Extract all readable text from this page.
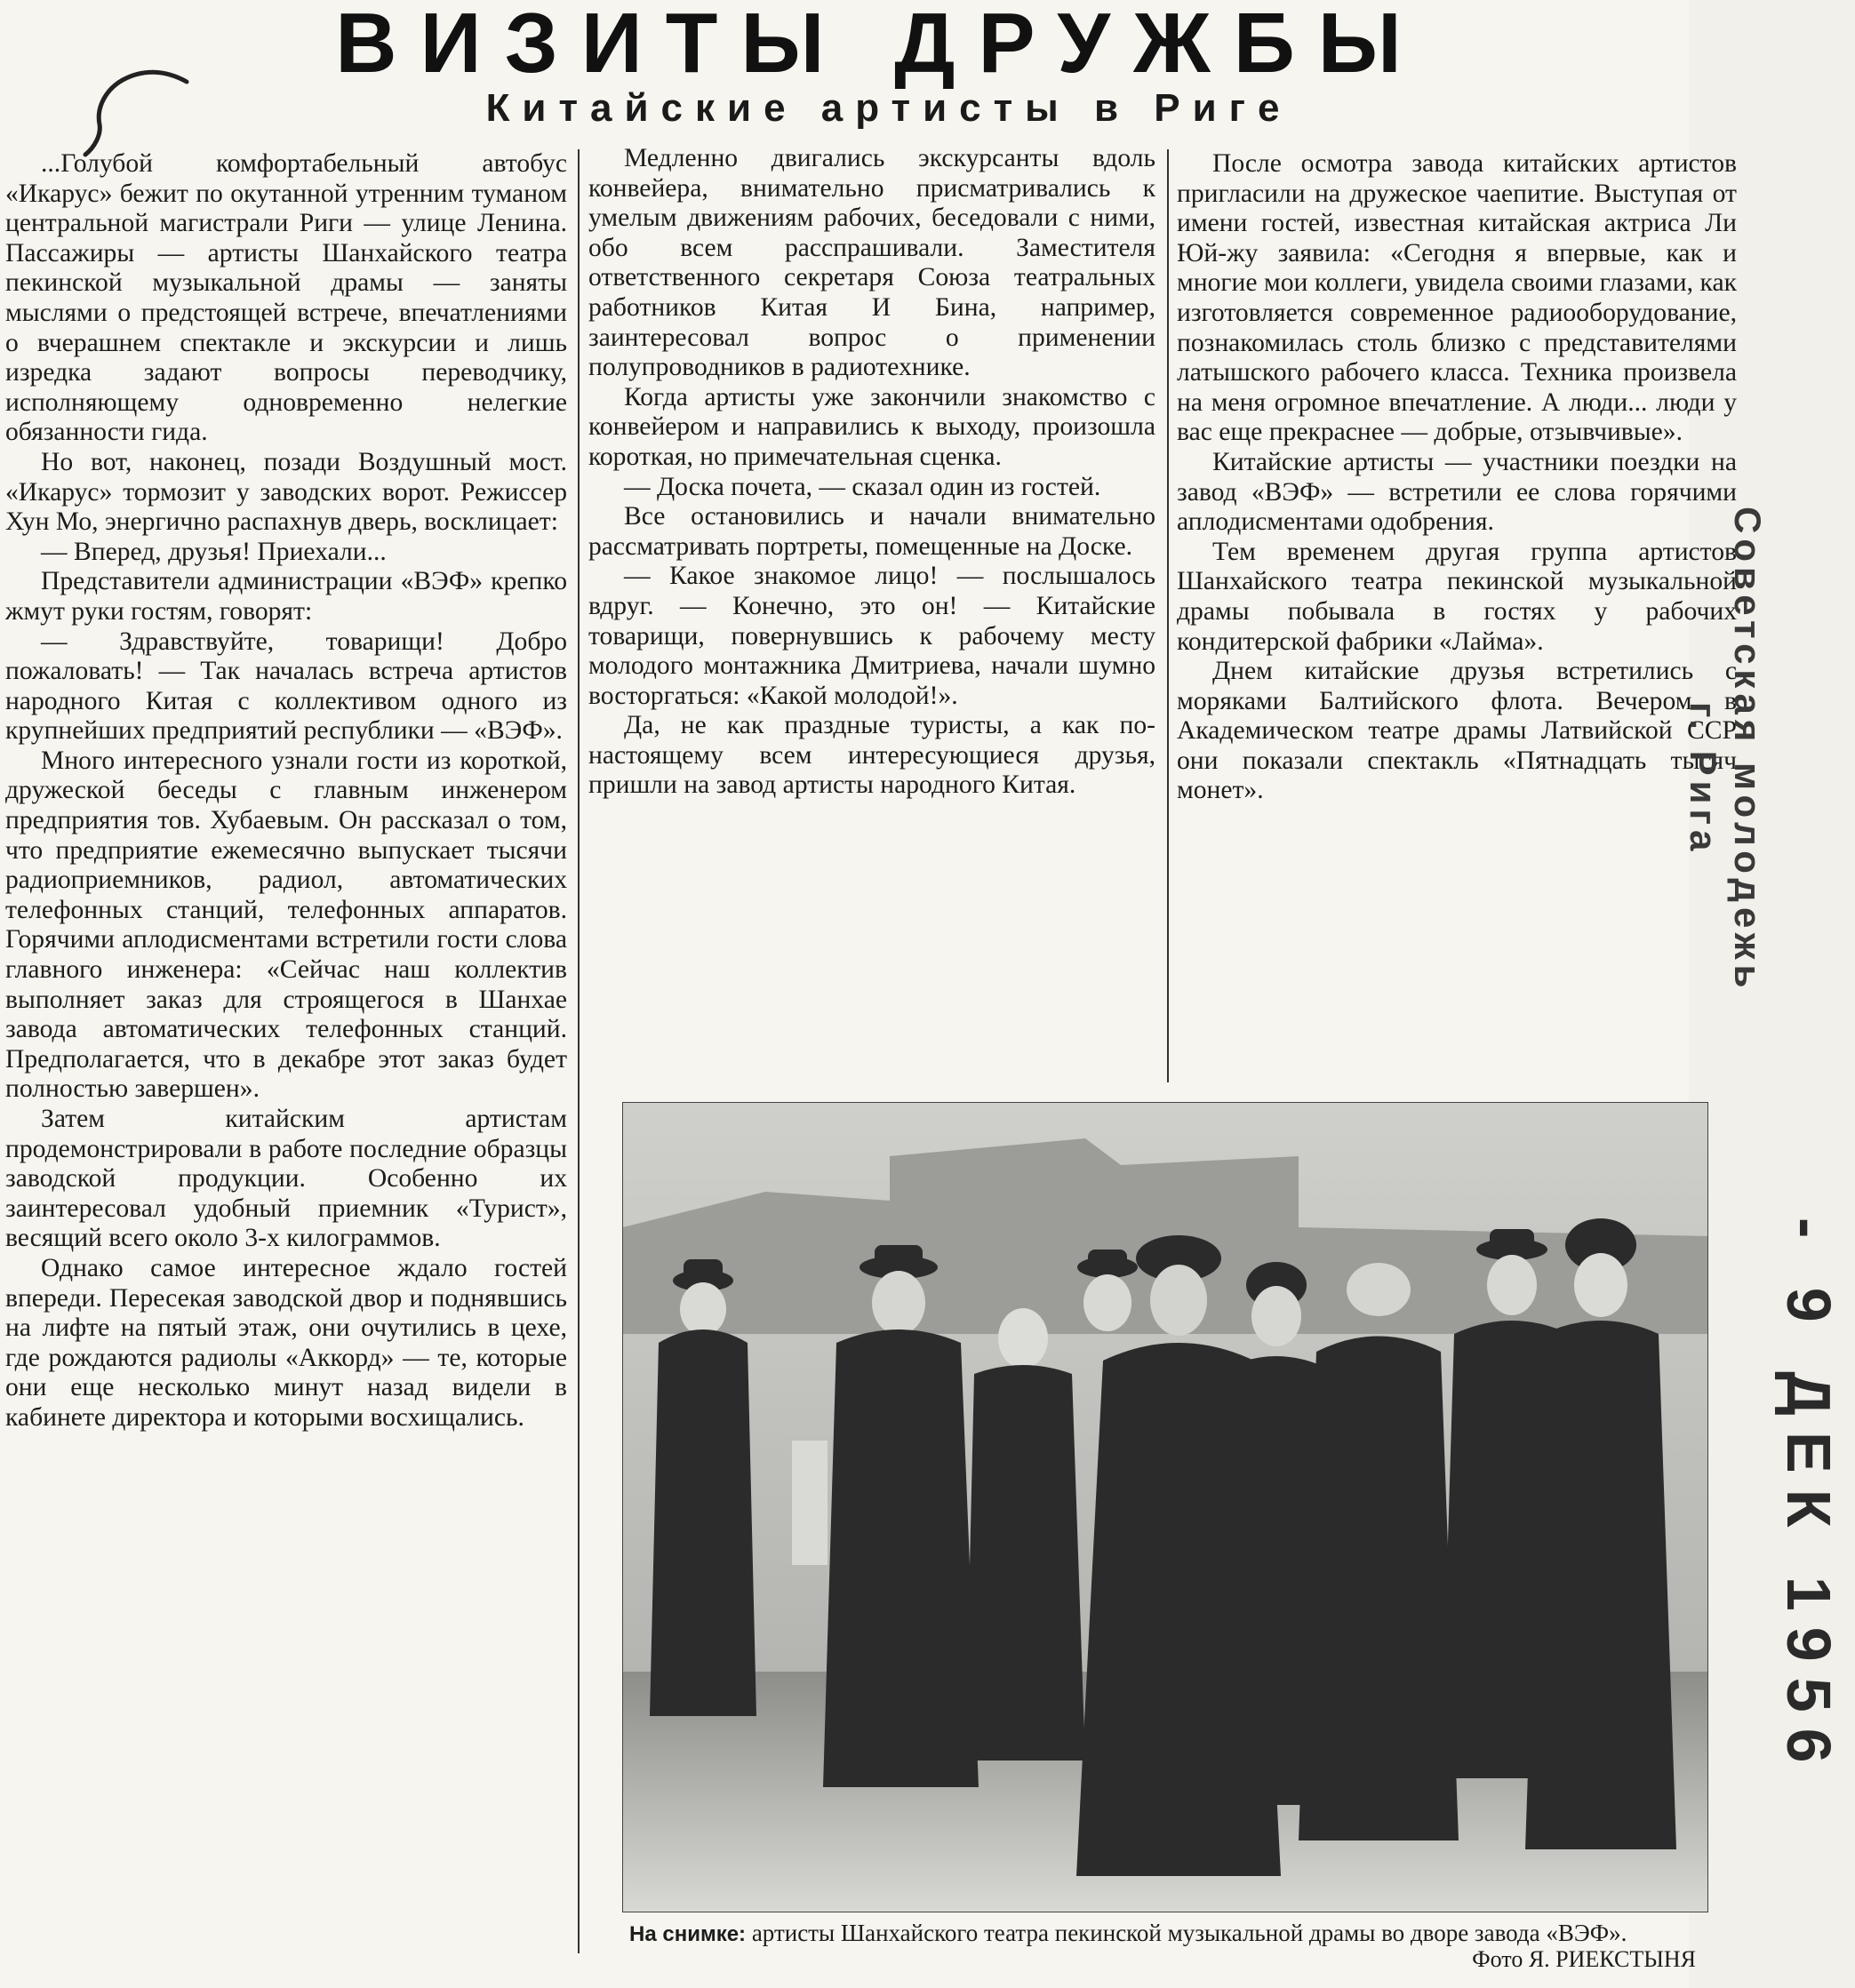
ВИЗИТЫ ДРУЖБЫ
Китайские артисты в Риге

...Голубой комфортабельный автобус «Икарус» бежит по окутанной утренним туманом центральной магистрали Риги — улице Ленина. Пассажиры — артисты Шанхайского театра пекинской музыкальной драмы — заняты мыслями о предстоящей встрече, впечатлениями о вчерашнем спектакле и экскурсии и лишь изредка задают вопросы переводчику, исполняющему одновременно нелегкие обязанности гида.

Но вот, наконец, позади Воздушный мост. «Икарус» тормозит у заводских ворот. Режиссер Хун Мо, энергично распахнув дверь, восклицает:

— Вперед, друзья! Приехали...

Представители администрации «ВЭФ» крепко жмут руки гостям, говорят:

— Здравствуйте, товарищи! Добро пожаловать! — Так началась встреча артистов народного Китая с коллективом одного из крупнейших предприятий республики — «ВЭФ».

Много интересного узнали гости из короткой, дружеской беседы с главным инженером предприятия тов. Хубаевым. Он рассказал о том, что предприятие ежемесячно выпускает тысячи радиоприемников, радиол, автоматических телефонных станций, телефонных аппаратов. Горячими аплодисментами встретили гости слова главного инженера: «Сейчас наш коллектив выполняет заказ для строящегося в Шанхае завода автоматических телефонных станций. Предполагается, что в декабре этот заказ будет полностью завершен».

Затем китайским артистам продемонстрировали в работе последние образцы заводской продукции. Особенно их заинтересовал удобный приемник «Турист», весящий всего около 3-х килограммов.

Однако самое интересное ждало гостей впереди. Пересекая заводской двор и поднявшись на лифте на пятый этаж, они очутились в цехе, где рождаются радиолы «Аккорд» — те, которые они еще несколько минут назад видели в кабинете директора и которыми восхищались.

Медленно двигались экскурсанты вдоль конвейера, внимательно присматривались к умелым движениям рабочих, беседовали с ними, обо всем расспрашивали. Заместителя ответственного секретаря Союза театральных работников Китая И Бина, например, заинтересовал вопрос о применении полупроводников в радиотехнике.

Когда артисты уже закончили знакомство с конвейером и направились к выходу, произошла короткая, но примечательная сценка.

— Доска почета, — сказал один из гостей.

Все остановились и начали внимательно рассматривать портреты, помещенные на Доске.

— Какое знакомое лицо! — послышалось вдруг. — Конечно, это он! — Китайские товарищи, повернувшись к рабочему месту молодого монтажника Дмитриева, начали шумно восторгаться: «Какой молодой!».

Да, не как праздные туристы, а как по-настоящему всем интересующиеся друзья, пришли на завод артисты народного Китая.

После осмотра завода китайских артистов пригласили на дружеское чаепитие. Выступая от имени гостей, известная китайская актриса Ли Юй-жу заявила: «Сегодня я впервые, как и многие мои коллеги, увидела своими глазами, как изготовляется современное радиооборудование, познакомилась столь близко с представителями латышского рабочего класса. Техника произвела на меня огромное впечатление. А люди... люди у вас еще прекраснее — добрые, отзывчивые».

Китайские артисты — участники поездки на завод «ВЭФ» — встретили ее слова горячими аплодисментами одобрения.

Тем временем другая группа артистов Шанхайского театра пекинской музыкальной драмы побывала в гостях у рабочих кондитерской фабрики «Лайма».

Днем китайские друзья встретились с моряками Балтийского флота. Вечером в Академическом театре драмы Латвийской ССР они показали спектакль «Пятнадцать тысяч монет».

На снимке: артисты Шанхайского театра пекинской музыкальной драмы во дворе завода «ВЭФ».
Фото Я. РИЕКСТЫНЯ
Советская молодежь
г. Рига
- 9 ДЕК 1956
